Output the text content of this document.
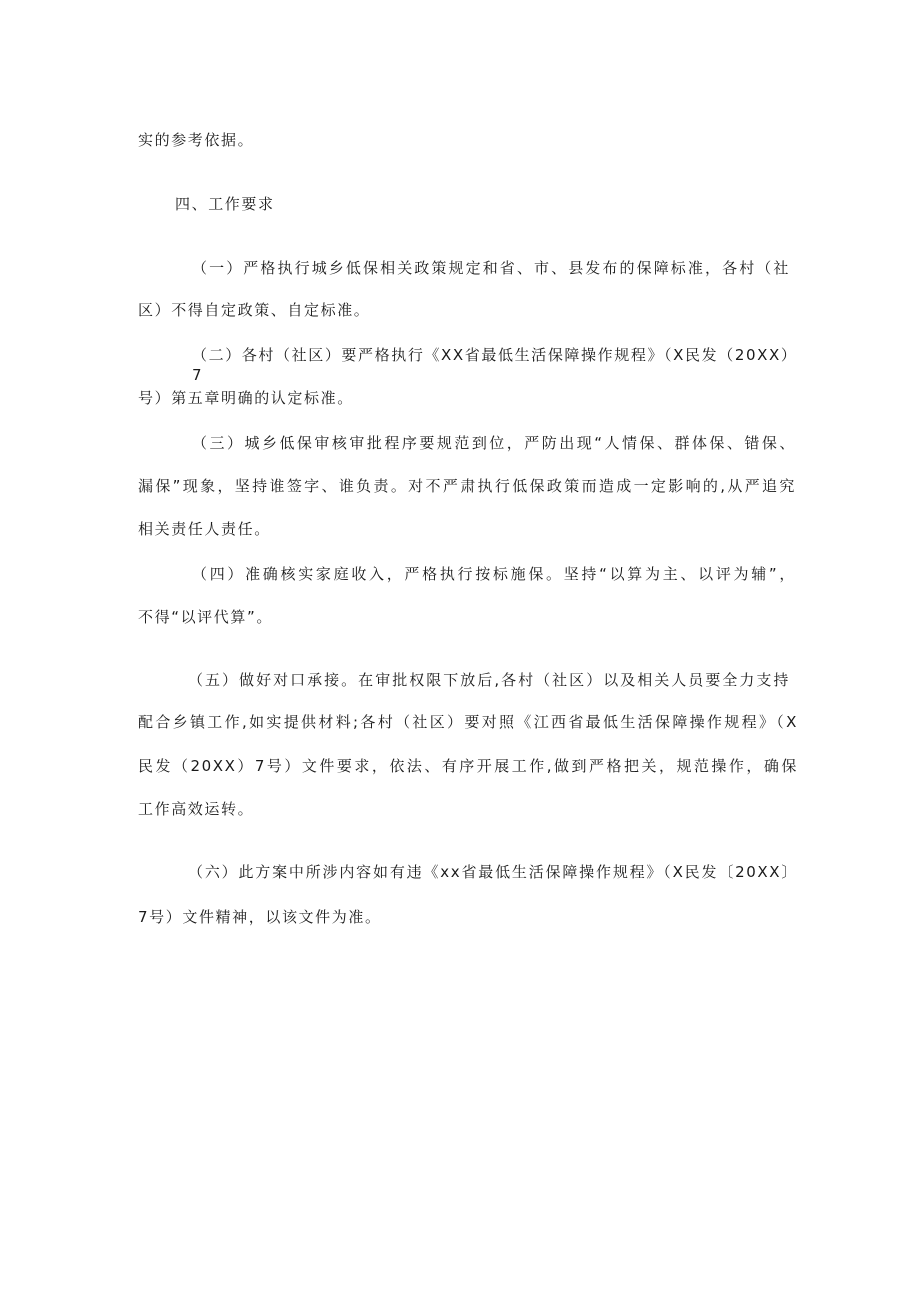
实的参考依据。
四、工作要求
（一）严格执行城乡低保相关政策规定和省、市、县发布的保障标准，各村（社
区）不得自定政策、自定标准。
（二）各村（社区）要严格执行《XX省最低生活保障操作规程》（X民发（20XX）7
号）第五章明确的认定标准。
（三）城乡低保审核审批程序要规范到位，严防出现“人情保、群体保、错保、
漏保”现象，坚持谁签字、谁负责。对不严肃执行低保政策而造成一定影响的,从严追究
相关责任人责任。
（四）准确核实家庭收入，严格执行按标施保。坚持“以算为主、以评为辅”，
不得“以评代算”。
（五）做好对口承接。在审批权限下放后,各村（社区）以及相关人员要全力支持
配合乡镇工作,如实提供材料;各村（社区）要对照《江西省最低生活保障操作规程》（X
民发（20XX）7号）文件要求，依法、有序开展工作,做到严格把关，规范操作，确保
工作高效运转。
（六）此方案中所涉内容如有违《xx省最低生活保障操作规程》（X民发〔20XX〕
7号）文件精神，以该文件为准。
